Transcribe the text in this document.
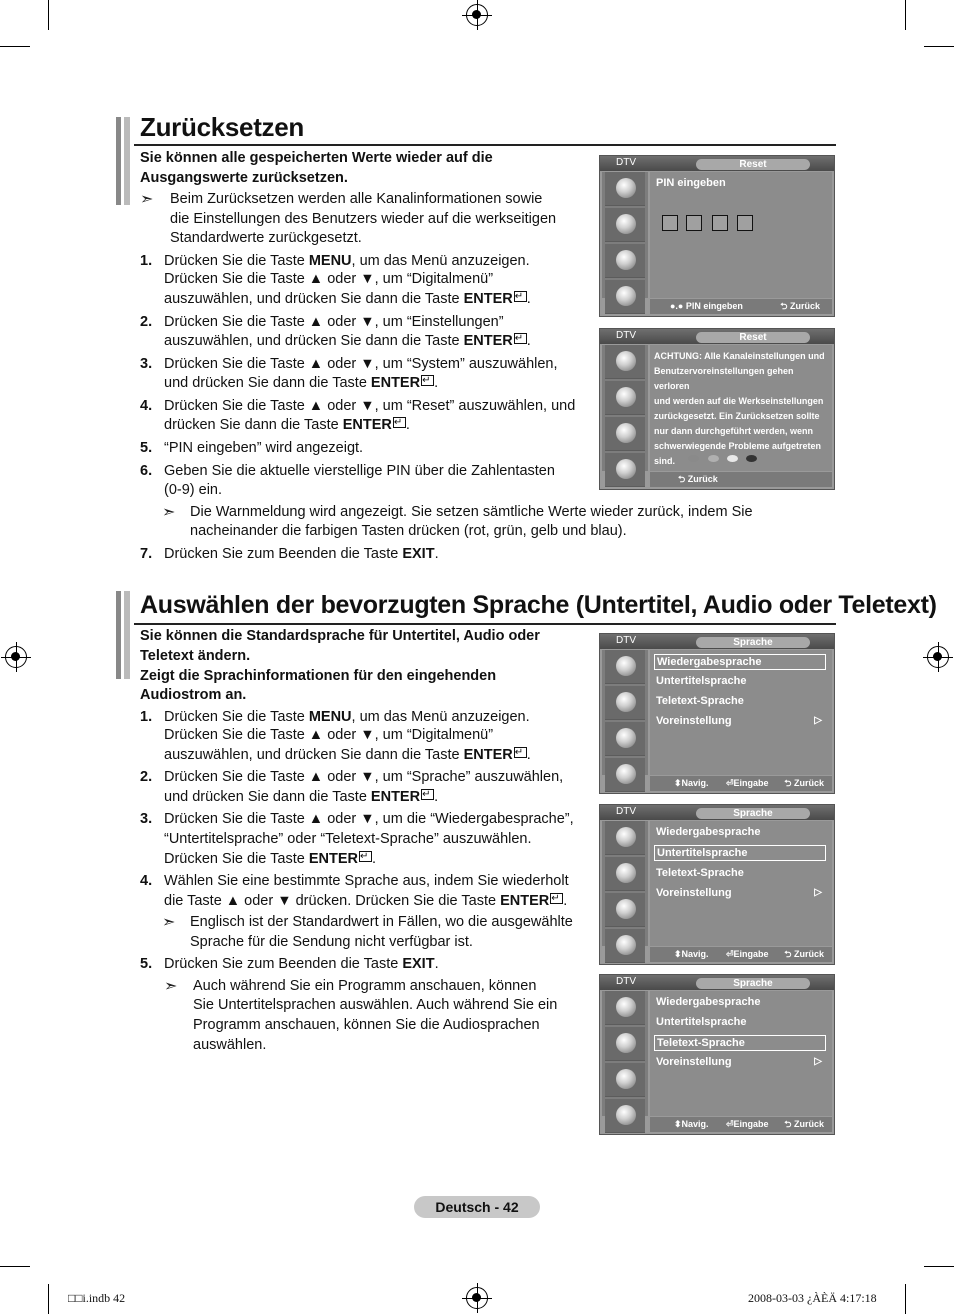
Zurücksetzen
Sie können alle gespeicherten Werte wieder auf die
Ausgangswerte zurücksetzen.
➣ Beim Zurücksetzen werden alle Kanalinformationen sowie
die Einstellungen des Benutzers wieder auf die werkseitigen
Standardwerte zurückgesetzt.
1. Drücken Sie die Taste MENU, um das Menü anzuzeigen.
Drücken Sie die Taste ▲ oder ▼, um “Digitalmenü”
auszuwählen, und drücken Sie dann die Taste ENTER ↵ .
2. Drücken Sie die Taste ▲ oder ▼, um “Einstellungen”
auszuwählen, und drücken Sie dann die Taste ENTER ↵ .
3. Drücken Sie die Taste ▲ oder ▼, um “System” auszuwählen,
und drücken Sie dann die Taste ENTER ↵ .
4. Drücken Sie die Taste ▲ oder ▼, um “Reset” auszuwählen, und
drücken Sie dann die Taste ENTER ↵ .
5. “PIN eingeben” wird angezeigt.
6. Geben Sie die aktuelle vierstellige PIN über die Zahlentasten
(0-9) ein.
➣ Die Warnmeldung wird angezeigt. Sie setzen sämtliche Werte wieder zurück, indem Sie
nacheinander die farbigen Tasten drücken (rot, grün, gelb und blau).
7. Drücken Sie zum Beenden die Taste EXIT.
DTV	Reset
PIN eingeben
●.● PIN eingeben	⮌ Zurück
DTV	Reset
ACHTUNG: Alle Kanaleinstellungen und
Benutzervoreinstellungen gehen verloren
und werden auf die Werkseinstellungen
zurückgesetzt. Ein Zurücksetzen sollte
nur dann durchgeführt werden, wenn
schwerwiegende Probleme aufgetreten
sind.
⮌ Zurück
Auswählen der bevorzugten Sprache (Untertitel, Audio oder Teletext)
Sie können die Standardsprache für Untertitel, Audio oder
Teletext ändern.
Zeigt die Sprachinformationen für den eingehenden
Audiostrom an.
1. Drücken Sie die Taste MENU, um das Menü anzuzeigen.
Drücken Sie die Taste ▲ oder ▼, um “Digitalmenü”
auszuwählen, und drücken Sie dann die Taste ENTER ↵ .
2. Drücken Sie die Taste ▲ oder ▼, um “Sprache” auszuwählen,
und drücken Sie dann die Taste ENTER ↵ .
3. Drücken Sie die Taste ▲ oder ▼, um die “Wiedergabesprache”,
“Untertitelsprache” oder “Teletext-Sprache” auszuwählen.
Drücken Sie die Taste ENTER ↵ .
4. Wählen Sie eine bestimmte Sprache aus, indem Sie wiederholt
die Taste ▲ oder ▼ drücken. Drücken Sie die Taste ENTER ↵ .
➣ Englisch ist der Standardwert in Fällen, wo die ausgewählte
Sprache für die Sendung nicht verfügbar ist.
5. Drücken Sie zum Beenden die Taste EXIT.
➣ Auch während Sie ein Programm anschauen, können
Sie Untertitelsprachen auswählen. Auch während Sie ein
Programm anschauen, können Sie die Audiosprachen
auswählen.
DTV	Sprache
Wiedergabesprache
Untertitelsprache
Teletext-Sprache
Voreinstellung	▷
⬍Navig. ⏎Eingabe ⮌ Zurück
DTV	Sprache
Wiedergabesprache
Untertitelsprache
Teletext-Sprache
Voreinstellung	▷
⬍Navig. ⏎Eingabe ⮌ Zurück
DTV	Sprache
Wiedergabesprache
Untertitelsprache
Teletext-Sprache
Voreinstellung	▷
⬍Navig. ⏎Eingabe ⮌ Zurück
Deutsch - 42
□□i.indb 42	2008-03-03 ¿ÀÈÄ 4:17:18
